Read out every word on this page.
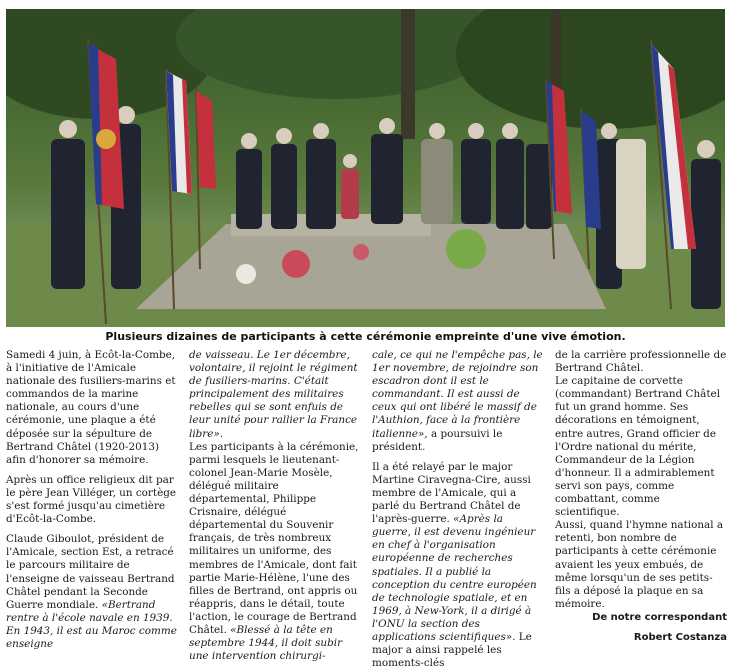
Plusieurs dizaines de participants à cette cérémonie empreinte d'une vive émotion.

Samedi 4 juin, à Ecôt-la-Combe, à l'initiative de l'Amicale nationale des fusiliers-marins et commandos de la marine nationale, au cours d'une cérémonie, une plaque a été déposée sur la sépulture de Bertrand Châtel (1920-2013) afin d'honorer sa mémoire.

Après un office religieux dit par le père Jean Villéger, un cortège s'est formé jusqu'au cimetière d'Ecôt-la-Combe.

Claude Giboulot, président de l'Amicale, section Est, a retracé le parcours militaire de l'enseigne de vaisseau Bertrand Châtel pendant la Seconde Guerre mondiale. «Bertrand rentre à l'école navale en 1939. En 1943, il est au Maroc comme enseigne

de vaisseau. Le 1er décembre, volontaire, il rejoint le régiment de fusiliers-marins. C'était principalement des militaires rebelles qui se sont enfuis de leur unité pour rallier la France libre».

Les participants à la cérémonie, parmi lesquels le lieutenant-colonel Jean-Marie Mosèle, délégué militaire départemental, Philippe Crisnaire, délégué départemental du Souvenir français, de très nombreux militaires un uniforme, des membres de l'Amicale, dont fait partie Marie-Hélène, l'une des filles de Bertrand, ont appris ou réappris, dans le détail, toute l'action, le courage de Bertrand Châtel. «Blessé à la tête en septembre 1944, il doit subir une intervention chirurgi-

cale, ce qui ne l'empêche pas, le 1er novembre, de rejoindre son escadron dont il est le commandant. Il est aussi de ceux qui ont libéré le massif de l'Authion, face à la frontière italienne», a poursuivi le président.

Il a été relayé par le major Martine Ciravegna-Cire, aussi membre de l'Amicale, qui a parlé du Bertrand Châtel de l'après-guerre. «Après la guerre, il est devenu ingénieur en chef à l'organisation européenne de recherches spatiales. Il a publié la conception du centre européen de technologie spatiale, et en 1969, à New-York, il a dirigé à l'ONU la section des applications scientifiques». Le major a ainsi rappelé les moments-clés

de la carrière professionnelle de Bertrand Châtel.

Le capitaine de corvette (commandant) Bertrand Châtel fut un grand homme. Ses décorations en témoignent, entre autres, Grand officier de l'Ordre national du mérite, Commandeur de la Légion d'honneur. Il a admirablement servi son pays, comme combattant, comme scientifique.

Aussi, quand l'hymne national a retenti, bon nombre de participants à cette cérémonie avaient les yeux embués, de même lorsqu'un de ses petits-fils a déposé la plaque en sa mémoire.

De notre correspondant

Robert Costanza
